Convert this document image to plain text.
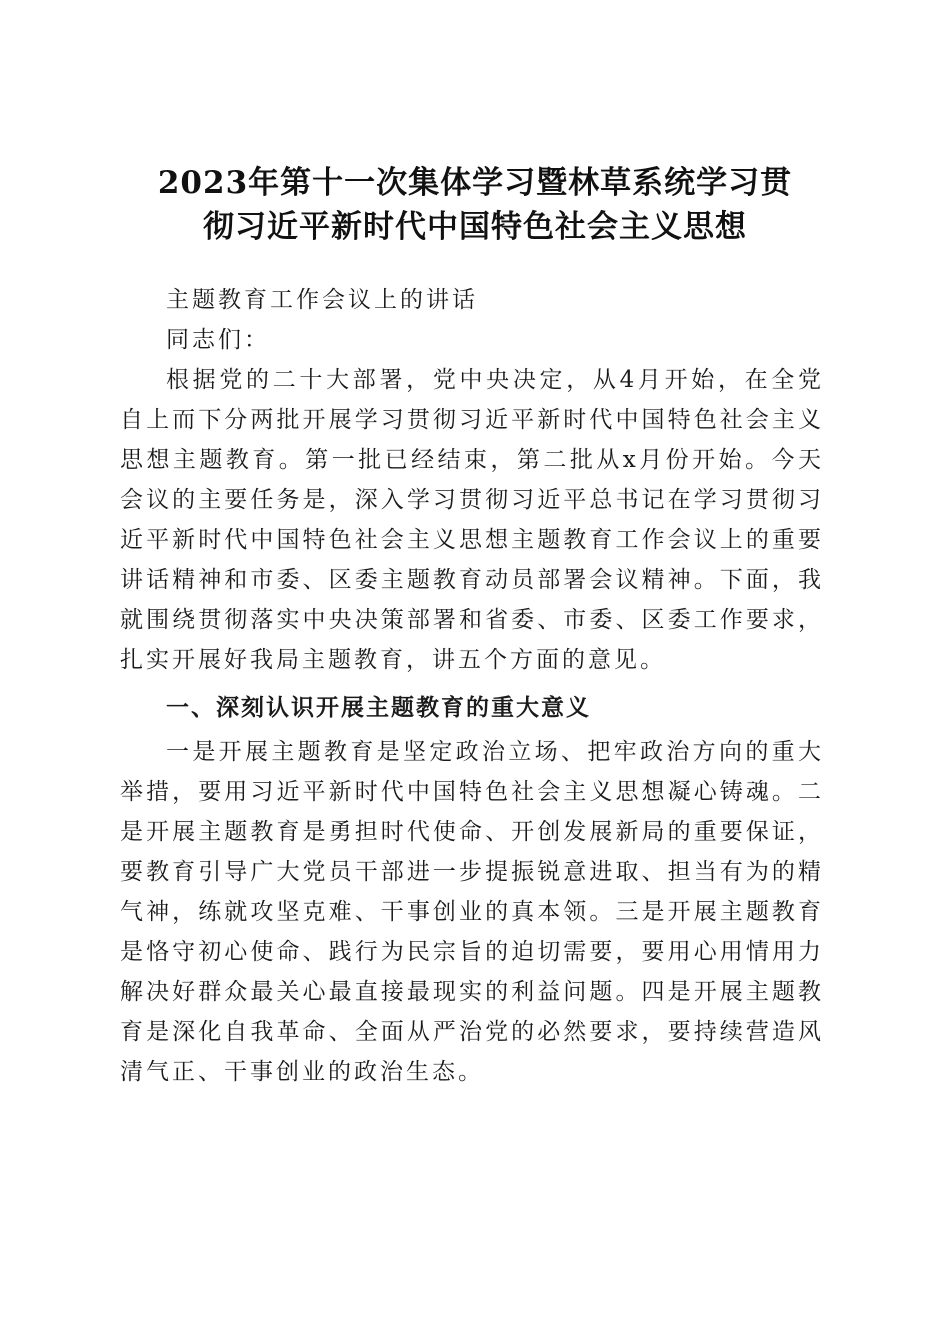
2023年第十一次集体学习暨林草系统学习贯
彻习近平新时代中国特色社会主义思想

主题教育工作会议上的讲话

同志们：

根据党的二十大部署，党中央决定，从4月开始，在全党自上而下分两批开展学习贯彻习近平新时代中国特色社会主义思想主题教育。第一批已经结束，第二批从x月份开始。今天会议的主要任务是，深入学习贯彻习近平总书记在学习贯彻习近平新时代中国特色社会主义思想主题教育工作会议上的重要讲话精神和市委、区委主题教育动员部署会议精神。下面，我就围绕贯彻落实中央决策部署和省委、市委、区委工作要求，扎实开展好我局主题教育，讲五个方面的意见。

一、深刻认识开展主题教育的重大意义

一是开展主题教育是坚定政治立场、把牢政治方向的重大举措，要用习近平新时代中国特色社会主义思想凝心铸魂。二是开展主题教育是勇担时代使命、开创发展新局的重要保证，要教育引导广大党员干部进一步提振锐意进取、担当有为的精气神，练就攻坚克难、干事创业的真本领。三是开展主题教育是恪守初心使命、践行为民宗旨的迫切需要，要用心用情用力解决好群众最关心最直接最现实的利益问题。四是开展主题教育是深化自我革命、全面从严治党的必然要求，要持续营造风清气正、干事创业的政治生态。
